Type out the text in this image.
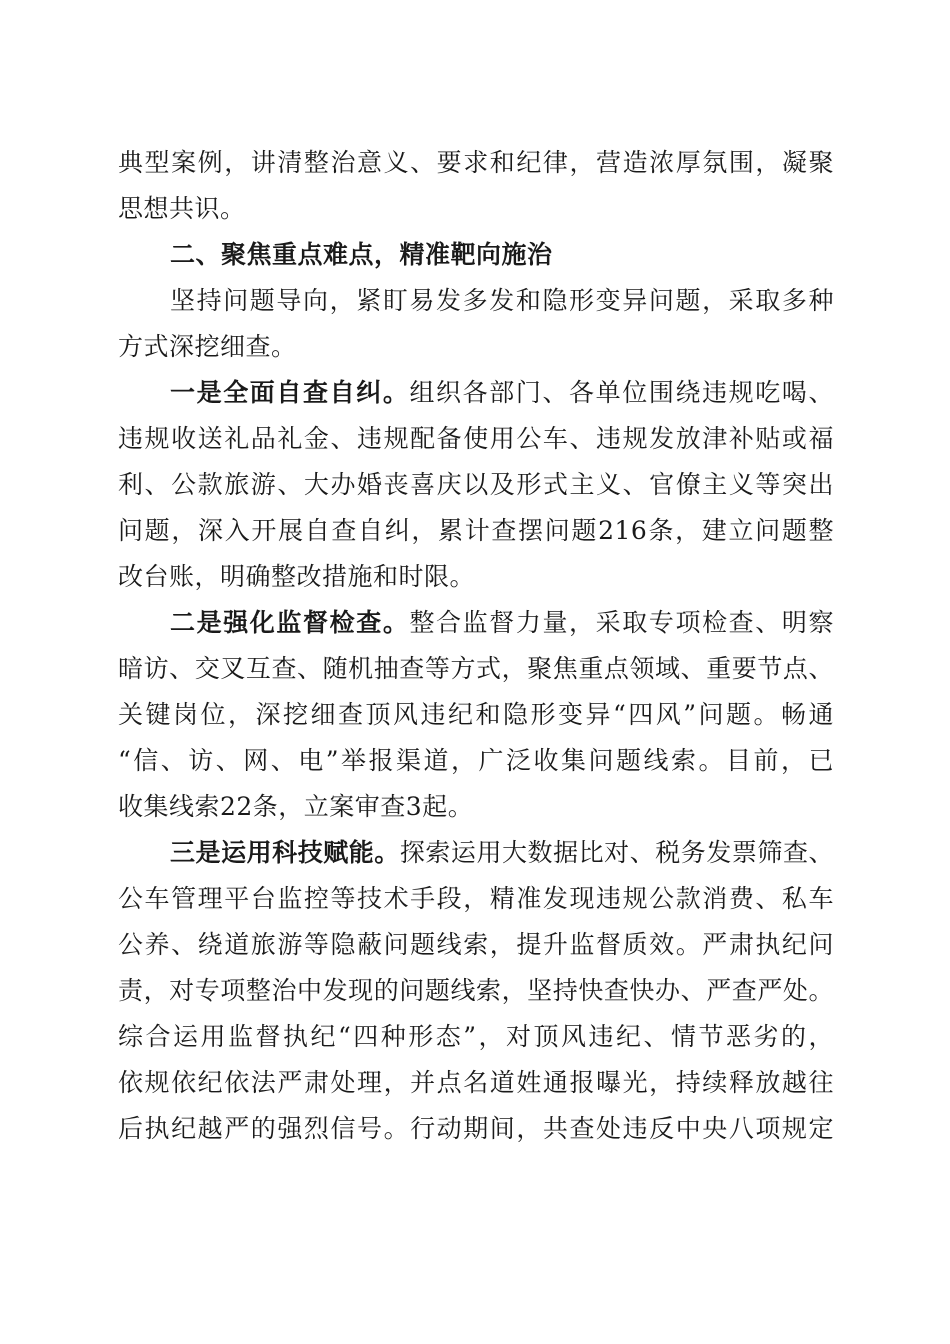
典型案例，讲清整治意义、要求和纪律，营造浓厚氛围，凝聚
思想共识。
二、聚焦重点难点，精准靶向施治
坚持问题导向，紧盯易发多发和隐形变异问题，采取多种
方式深挖细查。
一是全面自查自纠。组织各部门、各单位围绕违规吃喝、
违规收送礼品礼金、违规配备使用公车、违规发放津补贴或福
利、公款旅游、大办婚丧喜庆以及形式主义、官僚主义等突出
问题，深入开展自查自纠，累计查摆问题216条，建立问题整
改台账，明确整改措施和时限。
二是强化监督检查。整合监督力量，采取专项检查、明察
暗访、交叉互查、随机抽查等方式，聚焦重点领域、重要节点、
关键岗位，深挖细查顶风违纪和隐形变异“四风”问题。畅通
“信、访、网、电”举报渠道，广泛收集问题线索。目前，已
收集线索22条，立案审查3起。
三是运用科技赋能。探索运用大数据比对、税务发票筛查、
公车管理平台监控等技术手段，精准发现违规公款消费、私车
公养、绕道旅游等隐蔽问题线索，提升监督质效。严肃执纪问
责，对专项整治中发现的问题线索，坚持快查快办、严查严处。
综合运用监督执纪“四种形态”，对顶风违纪、情节恶劣的，
依规依纪依法严肃处理，并点名道姓通报曝光，持续释放越往
后执纪越严的强烈信号。行动期间，共查处违反中央八项规定
